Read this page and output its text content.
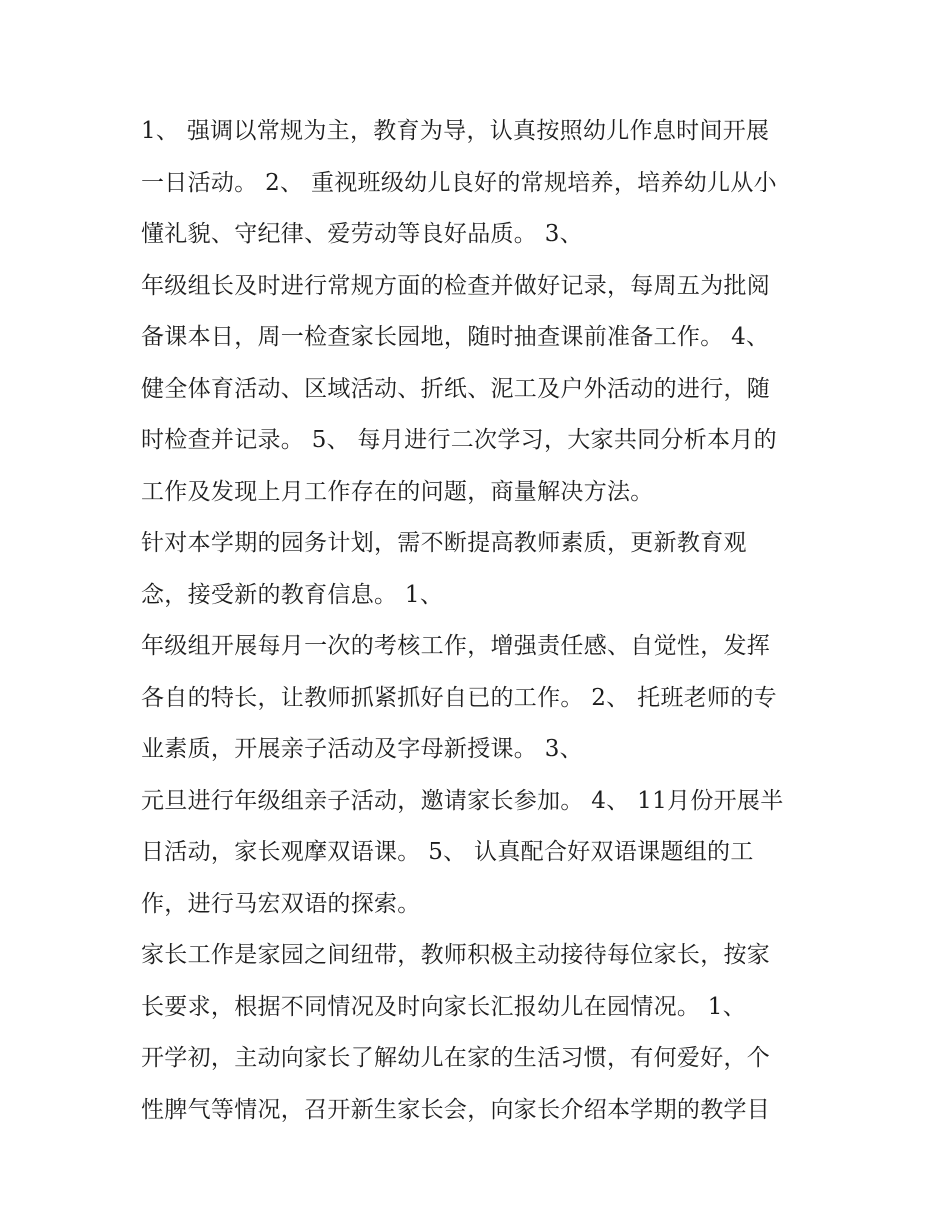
1、 强调以常规为主，教育为导，认真按照幼儿作息时间开展
一日活动。 2、 重视班级幼儿良好的常规培养，培养幼儿从小
懂礼貌、守纪律、爱劳动等良好品质。 3、
年级组长及时进行常规方面的检查并做好记录，每周五为批阅
备课本日，周一检查家长园地，随时抽查课前准备工作。 4、
健全体育活动、区域活动、折纸、泥工及户外活动的进行，随
时检查并记录。 5、 每月进行二次学习，大家共同分析本月的
工作及发现上月工作存在的问题，商量解决方法。
针对本学期的园务计划，需不断提高教师素质，更新教育观
念，接受新的教育信息。 1、
年级组开展每月一次的考核工作，增强责任感、自觉性，发挥
各自的特长，让教师抓紧抓好自已的工作。 2、 托班老师的专
业素质，开展亲子活动及字母新授课。 3、
元旦进行年级组亲子活动，邀请家长参加。 4、 11月份开展半
日活动，家长观摩双语课。 5、 认真配合好双语课题组的工
作，进行马宏双语的探索。
家长工作是家园之间纽带，教师积极主动接待每位家长，按家
长要求，根据不同情况及时向家长汇报幼儿在园情况。 1、
开学初，主动向家长了解幼儿在家的生活习惯，有何爱好，个
性脾气等情况，召开新生家长会，向家长介绍本学期的教学目
